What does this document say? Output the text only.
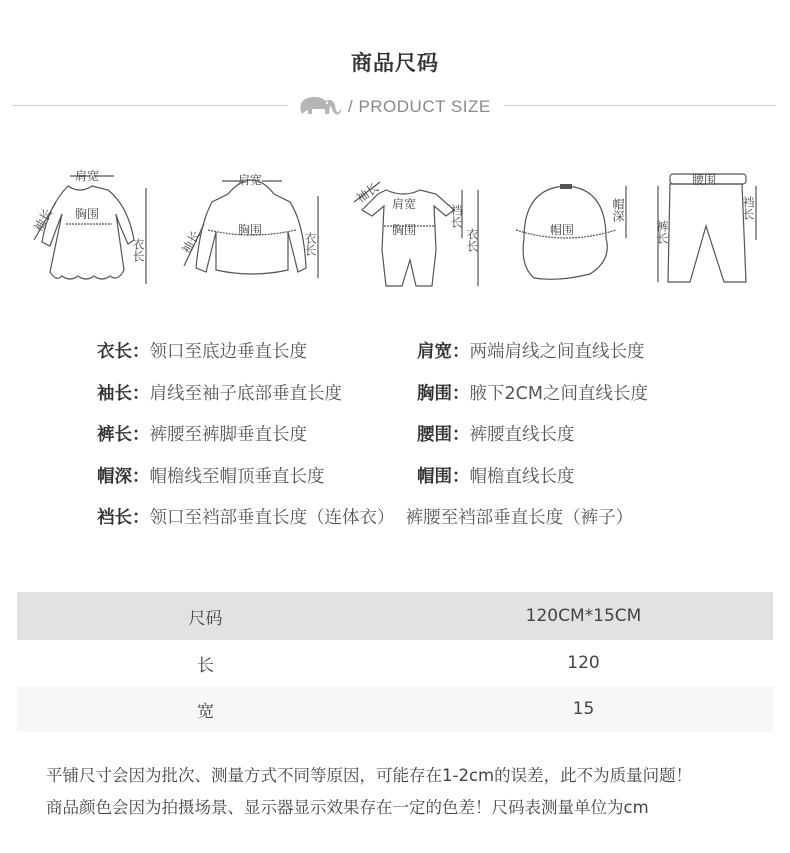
商品尺码
/ PRODUCT SIZE
肩宽
胸围
袖长
衣长
肩宽
胸围
袖长	衣长
袖长 肩宽
胸围
裆长
衣长	帽围
帽深
腰围
裤长
裆长
衣长： 领口至底边垂直长度	肩宽： 两端肩线之间直线长度
袖长： 肩线至袖子底部垂直长度	胸围： 腋下2CM之间直线长度
裤长： 裤腰至裤脚垂直长度	腰围： 裤腰直线长度
帽深： 帽檐线至帽顶垂直长度	帽围： 帽檐直线长度
裆长： 领口至裆部垂直长度（连体衣）  裤腰至裆部垂直长度（裤子）
尺码	120CM*15CM
长	120
宽	15
平铺尺寸会因为批次、测量方式不同等原因，可能存在1-2cm的误差，此不为质量问题！
商品颜色会因为拍摄场景、显示器显示效果存在一定的色差！尺码表测量单位为cm
